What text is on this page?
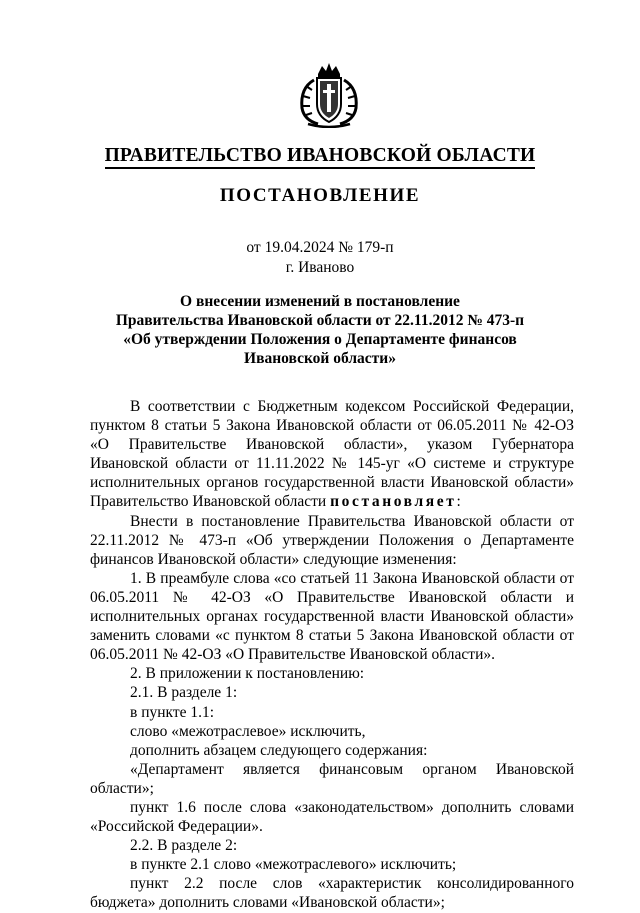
ПРАВИТЕЛЬСТВО ИВАНОВСКОЙ ОБЛАСТИ
ПОСТАНОВЛЕНИЕ
от 19.04.2024 № 179-п
г. Иваново
О внесении изменений в постановление
Правительства Ивановской области от 22.11.2012 № 473-п
«Об утверждении Положения о Департаменте финансов
Ивановской области»

В соответствии с Бюджетным кодексом Российской Федерации, пунктом 8 статьи 5 Закона Ивановской области от 06.05.2011 № 42-ОЗ «О Правительстве Ивановской области», указом Губернатора Ивановской области от 11.11.2022 № 145-уг «О системе и структуре исполнительных органов государственной власти Ивановской области» Правительство Ивановской области постановляет:

Внести в постановление Правительства Ивановской области от 22.11.2012 № 473-п «Об утверждении Положения о Департаменте финансов Ивановской области» следующие изменения:

1. В преамбуле слова «со статьей 11 Закона Ивановской области от 06.05.2011 № 42-ОЗ «О Правительстве Ивановской области и исполнительных органах государственной власти Ивановской области» заменить словами «с пунктом 8 статьи 5 Закона Ивановской области от 06.05.2011 № 42-ОЗ «О Правительстве Ивановской области».

2. В приложении к постановлению:

2.1. В разделе 1:

в пункте 1.1:

слово «межотраслевое» исключить,

дополнить абзацем следующего содержания:

«Департамент является финансовым органом Ивановской области»;

пункт 1.6 после слова «законодательством» дополнить словами «Российской Федерации».

2.2. В разделе 2:

в пункте 2.1 слово «межотраслевого» исключить;

пункт 2.2 после слов «характеристик консолидированного бюджета» дополнить словами «Ивановской области»;
